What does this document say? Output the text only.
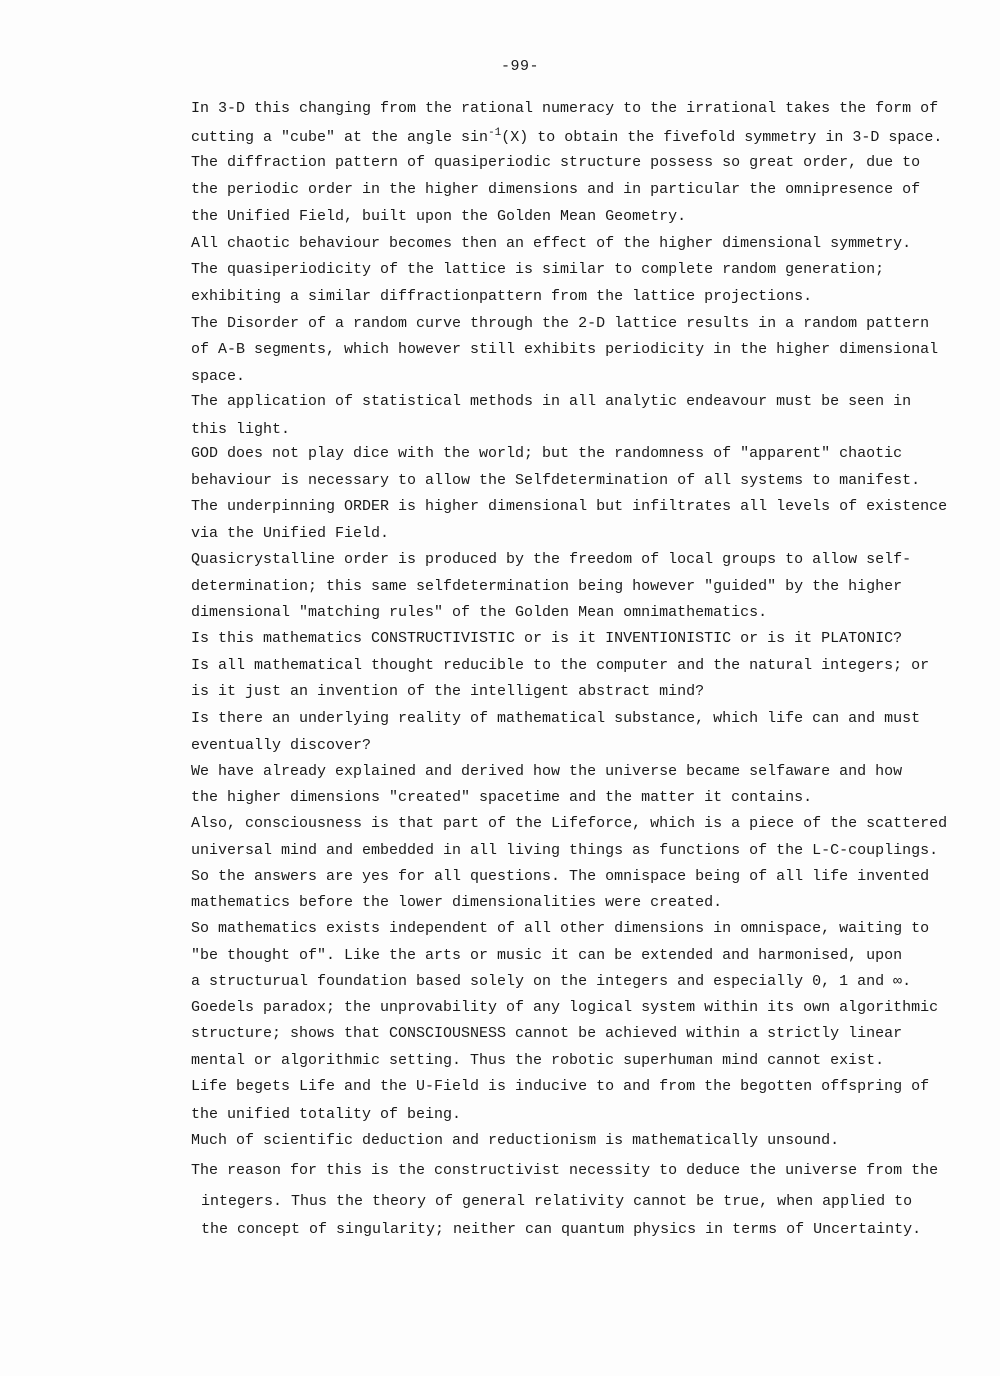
-99-
In 3-D this changing from the rational numeracy to the irrational takes the form of
cutting a "cube" at the angle $\sin^{-1}(X)$ to obtain the fivefold symmetry in 3-D space.
The diffraction pattern of quasiperiodic structure possess so great order, due to
the periodic order in the higher dimensions and in particular the omnipresence of
the Unified Field, built upon the Golden Mean Geometry.
All chaotic behaviour becomes then an effect of the higher dimensional symmetry.
The quasiperiodicity of the lattice is similar to complete random generation;
exhibiting a similar diffractionpattern from the lattice projections.
The Disorder of a random curve through the 2-D lattice results in a random pattern
of A-B segments, which however still exhibits periodicity in the higher dimensional
space.
The application of statistical methods in all analytic endeavour must be seen in
this light.
GOD does not play dice with the world; but the randomness of "apparent" chaotic
behaviour is necessary to allow the Selfdetermination of all systems to manifest.
The underpinning ORDER is higher dimensional but infiltrates all levels of existence
via the Unified Field.
Quasicrystalline order is produced by the freedom of local groups to allow self-
determination; this same selfdetermination being however "guided" by the higher
dimensional "matching rules" of the Golden Mean omnimathematics.
Is this mathematics CONSTRUCTIVISTIC or is it INVENTIONISTIC or is it PLATONIC?
Is all mathematical thought reducible to the computer and the natural integers; or
is it just an invention of the intelligent abstract mind?
Is there an underlying reality of mathematical substance, which life can and must
eventually discover?
We have already explained and derived how the universe became selfaware and how
the higher dimensions "created" spacetime and the matter it contains.
Also, consciousness is that part of the Lifeforce, which is a piece of the scattered
universal mind and embedded in all living things as functions of the L-C-couplings.
So the answers are yes for all questions. The omnispace being of all life invented
mathematics before the lower dimensionalities were created.
So mathematics exists independent of all other dimensions in omnispace, waiting to
"be thought of". Like the arts or music it can be extended and harmonised, upon
a structurual foundation based solely on the integers and especially 0, 1 and ∞.
Goedels paradox; the unprovability of any logical system within its own algorithmic
structure; shows that CONSCIOUSNESS cannot be achieved within a strictly linear
mental or algorithmic setting. Thus the robotic superhuman mind cannot exist.
Life begets Life and the U-Field is inducive to and from the begotten offspring of
the unified totality of being.
Much of scientific deduction and reductionism is mathematically unsound.
The reason for this is the constructivist necessity to deduce the universe from the
integers. Thus the theory of general relativity cannot be true, when applied to
the concept of singularity; neither can quantum physics in terms of Uncertainty.
